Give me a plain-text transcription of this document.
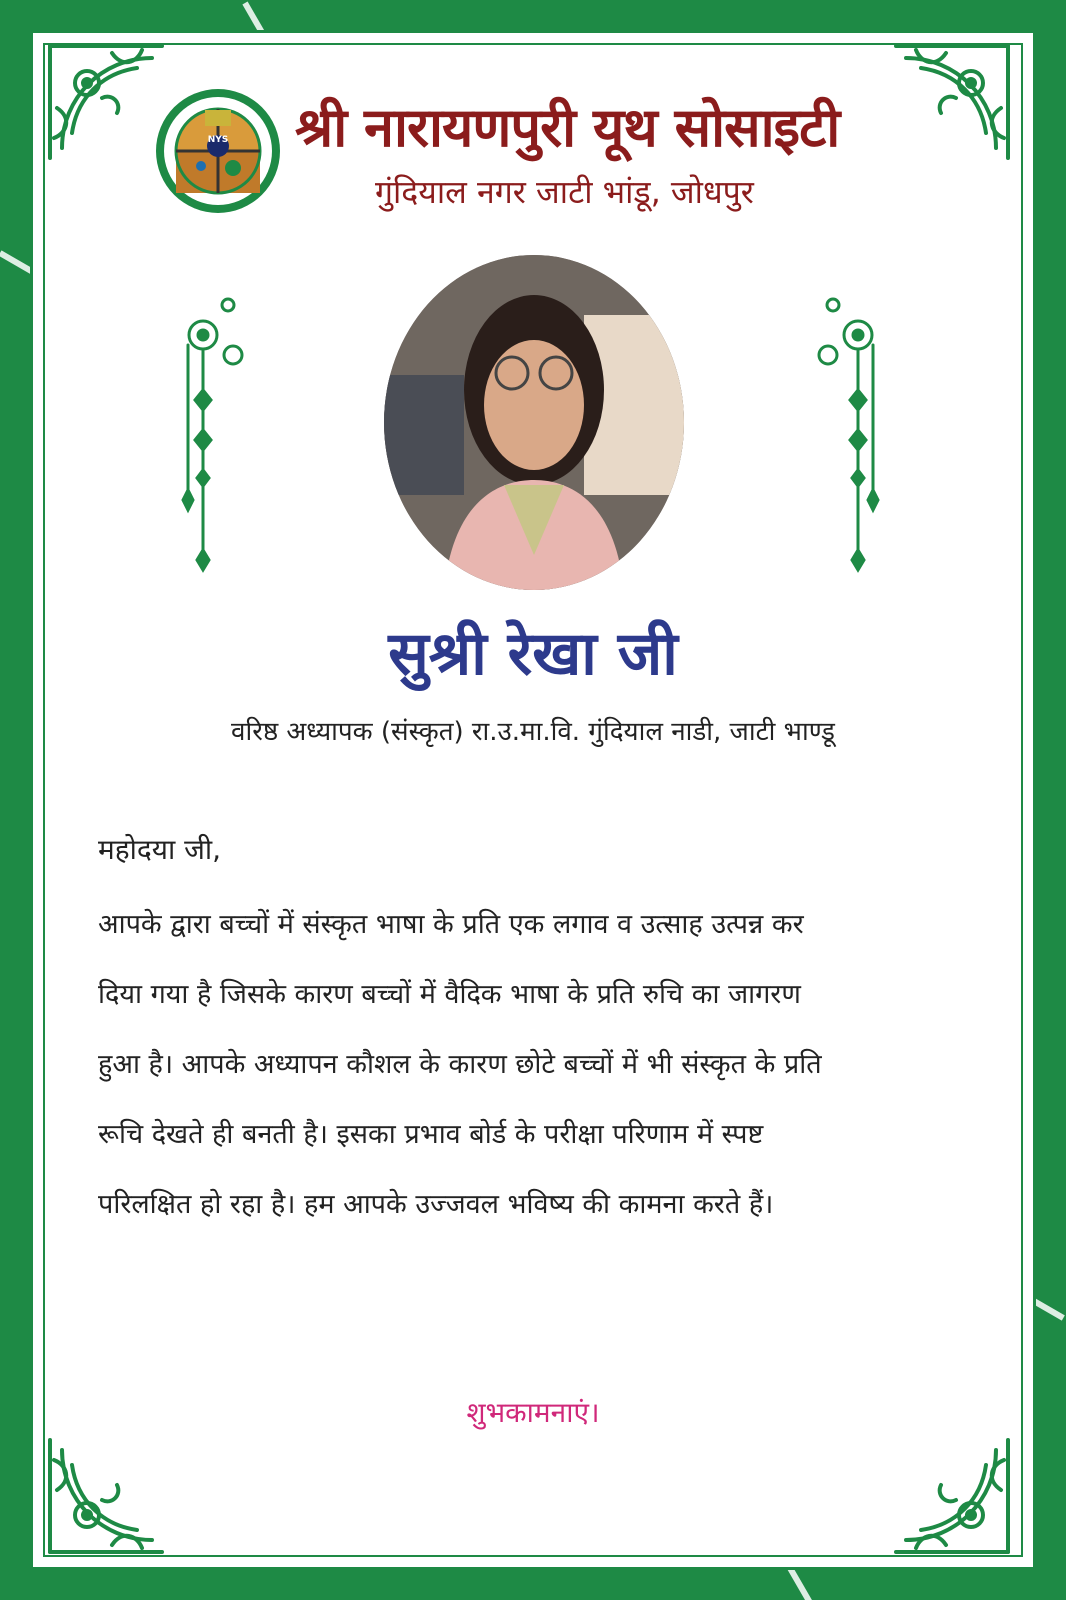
NYS श्री नारायणपुरी यूथ सोसाइटी
गुंदियाल नगर जाटी भांडू, जोधपुर
सुश्री रेखा जी
वरिष्ठ अध्यापक (संस्कृत) रा.उ.मा.वि. गुंदियाल नाडी, जाटी भाण्डू
महोदया जी,
आपके द्वारा बच्चों में संस्कृत भाषा के प्रति एक लगाव व उत्साह उत्पन्न कर
दिया गया है जिसके कारण बच्चों में वैदिक भाषा के प्रति रुचि का जागरण
हुआ है। आपके अध्यापन कौशल के कारण छोटे बच्चों में भी संस्कृत के प्रति
रूचि देखते ही बनती है। इसका प्रभाव बोर्ड के परीक्षा परिणाम में स्पष्ट
परिलक्षित हो रहा है। हम आपके उज्जवल भविष्य की कामना करते हैं।
शुभकामनाएं।
